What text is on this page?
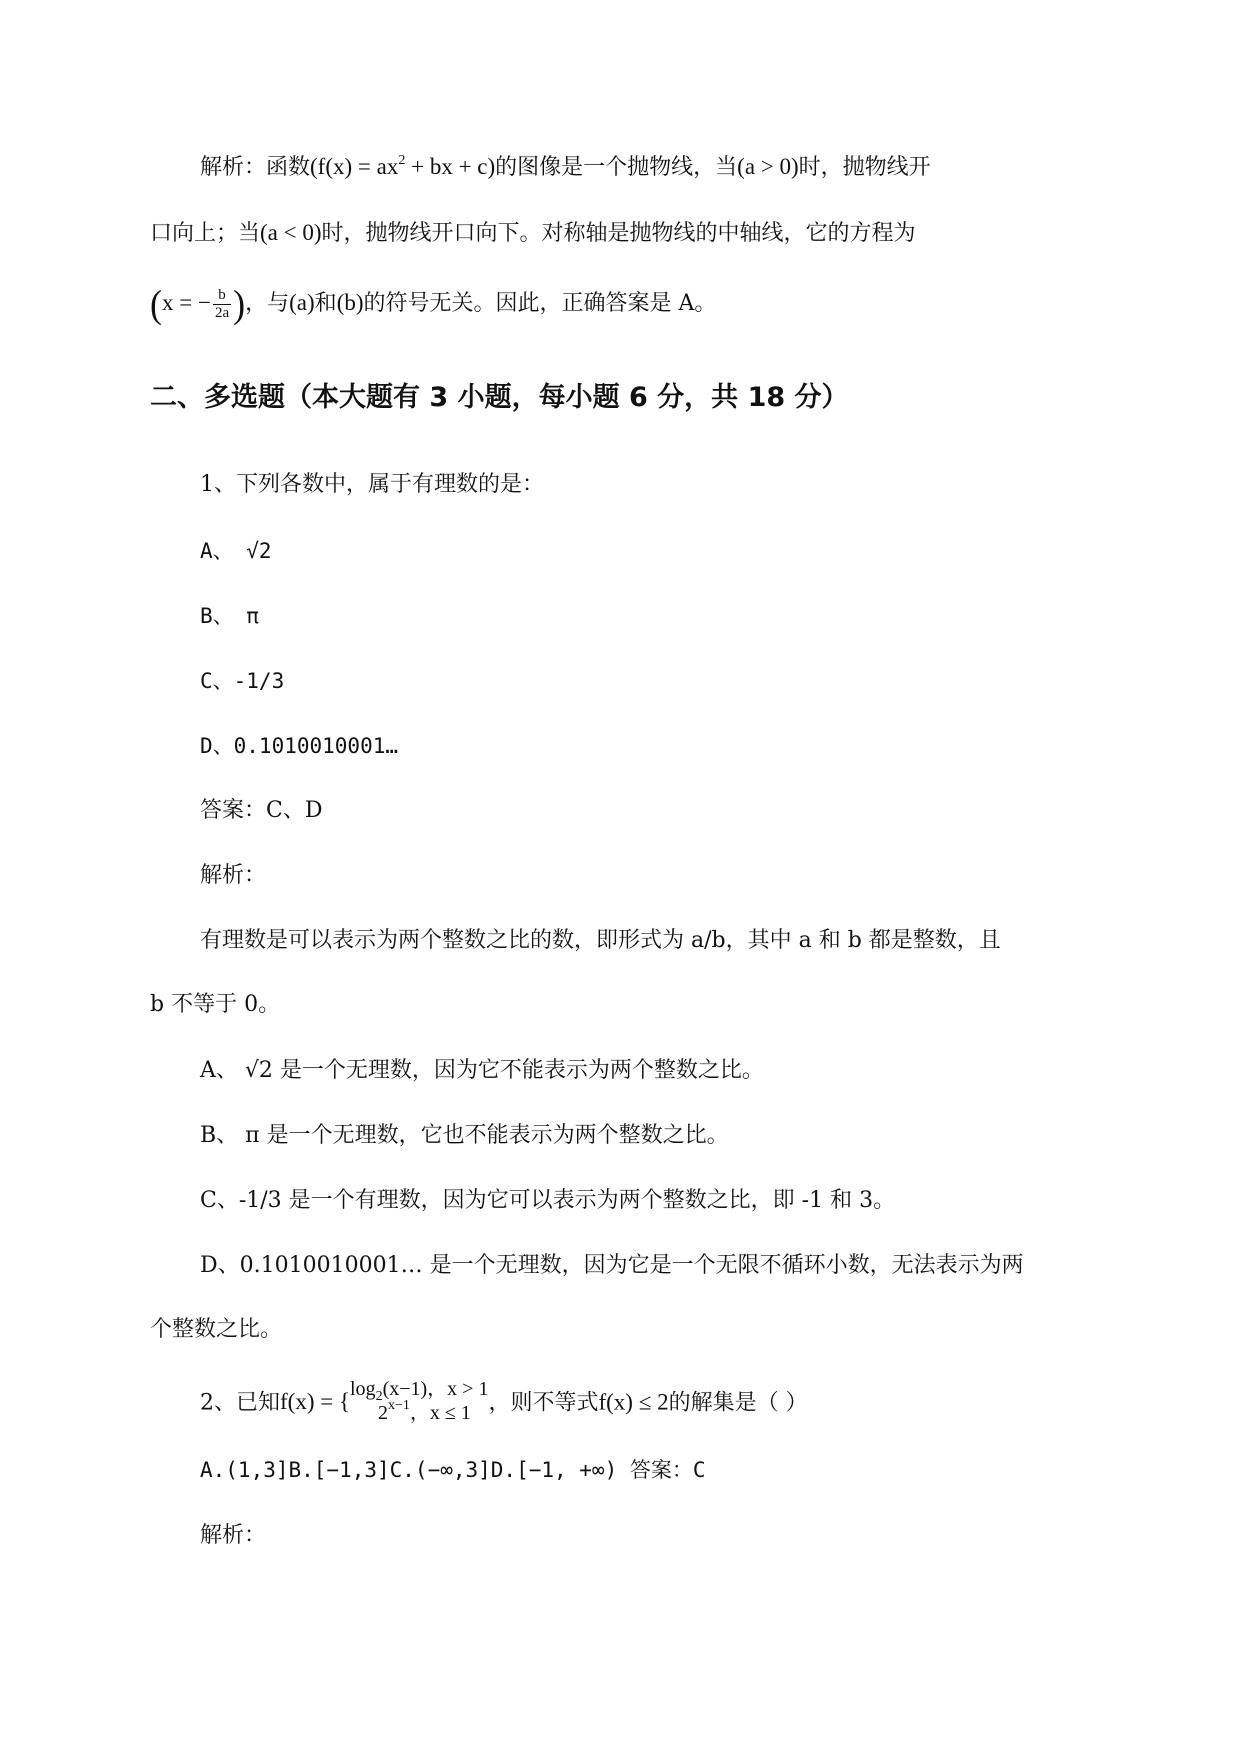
解析：函数($f(x) = ax^2$ + bx + c)的图像是一个抛物线，当(a > 0)时，抛物线开
口向上；当(a < 0)时，抛物线开口向下。对称轴是抛物线的中轴线，它的方程为
(x = − $\frac{b}{2a}$ )，与(a)和(b)的符号无关。因此，正确答案是 A。
二、多选题（本大题有 3 小题，每小题 6 分，共 18 分）
1、下列各数中，属于有理数的是：
A、 √2
B、 π
C、-1/3
D、0.1010010001…
答案：C、D
解析：
有理数是可以表示为两个整数之比的数，即形式为 a/b，其中 a 和 b 都是整数，且
b 不等于 0。
A、 √2 是一个无理数，因为它不能表示为两个整数之比。
B、 π 是一个无理数，它也不能表示为两个整数之比。
C、-1/3 是一个有理数，因为它可以表示为两个整数之比，即 -1 和 3。
D、0.1010010001… 是一个无理数，因为它是一个无限不循环小数，无法表示为两
个整数之比。
2、已知f(x) = {
$\log_2(x-1)$，x > 1
$2^{x-1}$，x ≤ 1 ，则不等式f(x) ≤ 2的解集是（ ）
A.(1,3]B.[−1,3]C.(−∞,3]D.[−1, +∞) 答案：C
解析：
